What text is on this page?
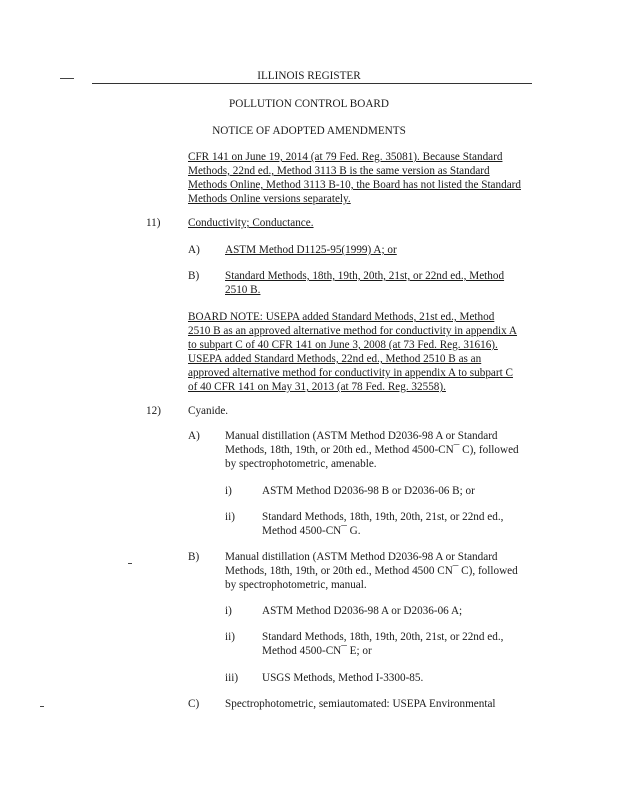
ILLINOIS REGISTER
POLLUTION CONTROL BOARD
NOTICE OF ADOPTED AMENDMENTS
CFR 141 on June 19, 2014 (at 79 Fed. Reg. 35081). Because Standard
Methods, 22nd ed., Method 3113 B is the same version as Standard
Methods Online, Method 3113 B-10, the Board has not listed the Standard
Methods Online versions separately.
11) Conductivity; Conductance.
A) ASTM Method D1125-95(1999) A; or
B) Standard Methods, 18th, 19th, 20th, 21st, or 22nd ed., Method
2510 B.
BOARD NOTE: USEPA added Standard Methods, 21st ed., Method
2510 B as an approved alternative method for conductivity in appendix A
to subpart C of 40 CFR 141 on June 3, 2008 (at 73 Fed. Reg. 31616).
USEPA added Standard Methods, 22nd ed., Method 2510 B as an
approved alternative method for conductivity in appendix A to subpart C
of 40 CFR 141 on May 31, 2013 (at 78 Fed. Reg. 32558).
12) Cyanide.
A) Manual distillation (ASTM Method D2036-98 A or Standard
Methods, 18th, 19th, or 20th ed., Method 4500-CN¯ C), followed
by spectrophotometric, amenable.
i)	ASTM Method D2036-98 B or D2036-06 B; or
ii) Standard Methods, 18th, 19th, 20th, 21st, or 22nd ed.,
Method 4500-CN¯ G.
B) Manual distillation (ASTM Method D2036-98 A or Standard
Methods, 18th, 19th, or 20th ed., Method 4500 CN¯ C), followed
by spectrophotometric, manual.
i)	ASTM Method D2036-98 A or D2036-06 A;
ii) Standard Methods, 18th, 19th, 20th, 21st, or 22nd ed.,
Method 4500-CN¯ E; or
iii) USGS Methods, Method I-3300-85.
C) Spectrophotometric, semiautomated: USEPA Environmental
